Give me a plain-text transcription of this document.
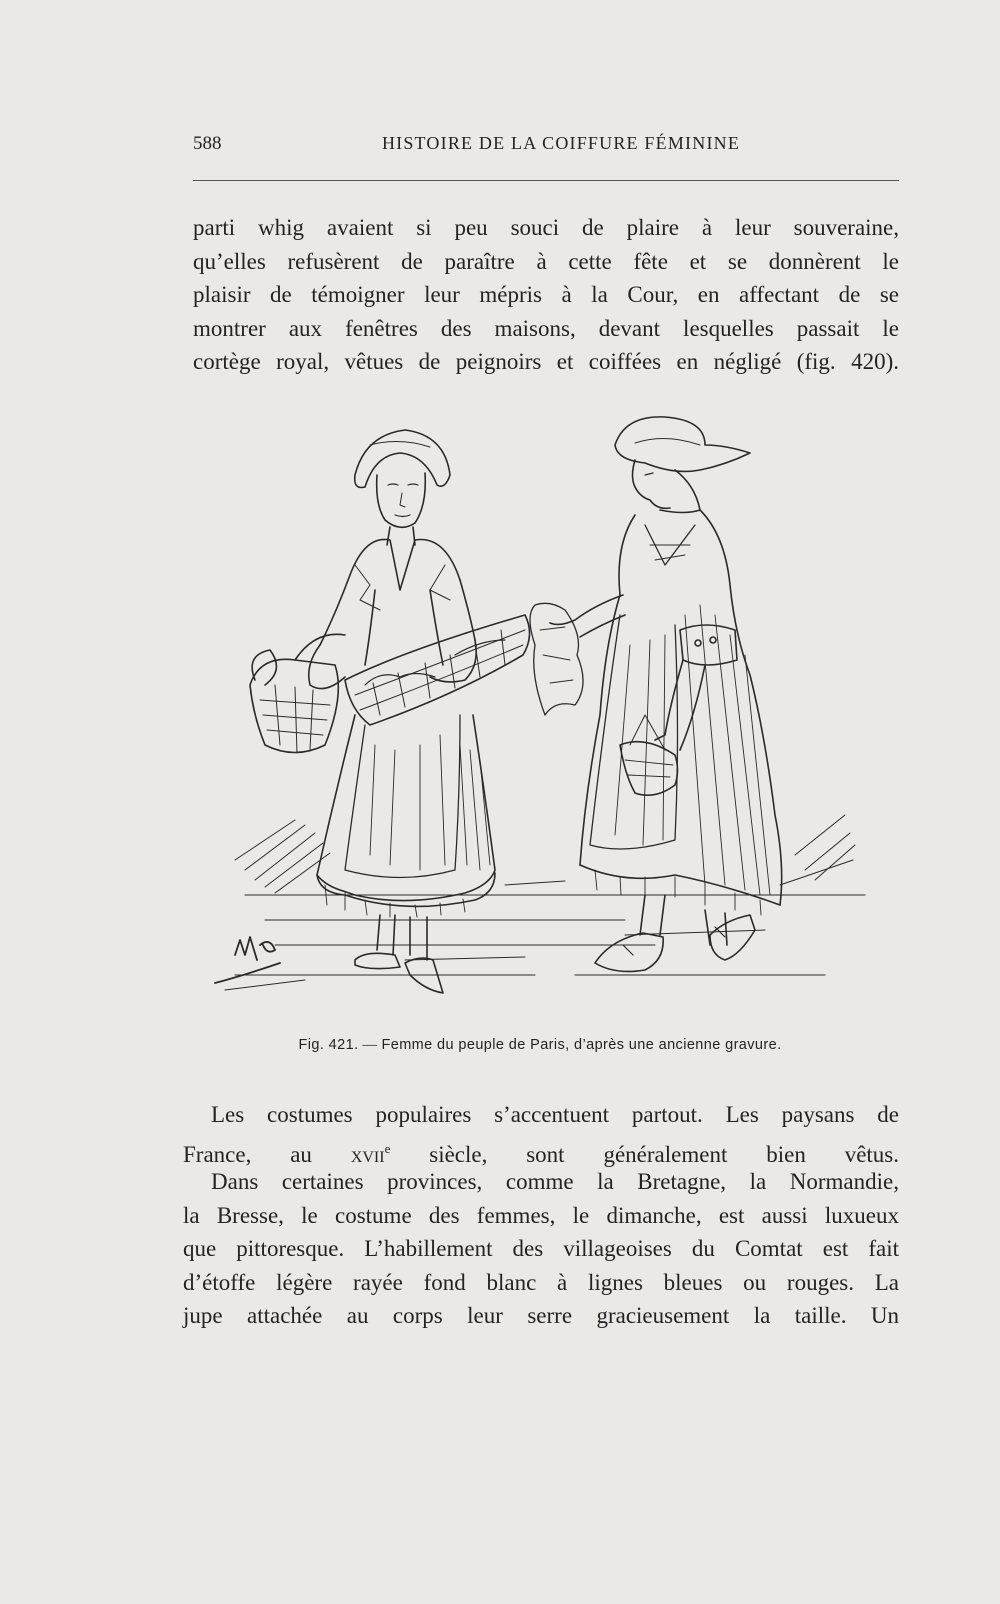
588	HISTOIRE DE LA COIFFURE FÉMININE
parti whig avaient si peu souci de plaire à leur souveraine,
qu’elles refusèrent de paraître à cette fête et se donnèrent le
plaisir de témoigner leur mépris à la Cour, en affectant de se
montrer aux fenêtres des maisons, devant lesquelles passait le
cortège royal, vêtues de peignoirs et coiffées en négligé (fig. 420).
Fig. 421. — Femme du peuple de Paris, d’après une ancienne gravure.
Les costumes populaires s’accentuent partout. Les paysans de
France, au xvii$^e$ siècle, sont généralement bien vêtus.
Dans certaines provinces, comme la Bretagne, la Normandie,
la Bresse, le costume des femmes, le dimanche, est aussi luxueux
que pittoresque. L’habillement des villageoises du Comtat est fait
d’étoffe légère rayée fond blanc à lignes bleues ou rouges. La
jupe attachée au corps leur serre gracieusement la taille. Un
